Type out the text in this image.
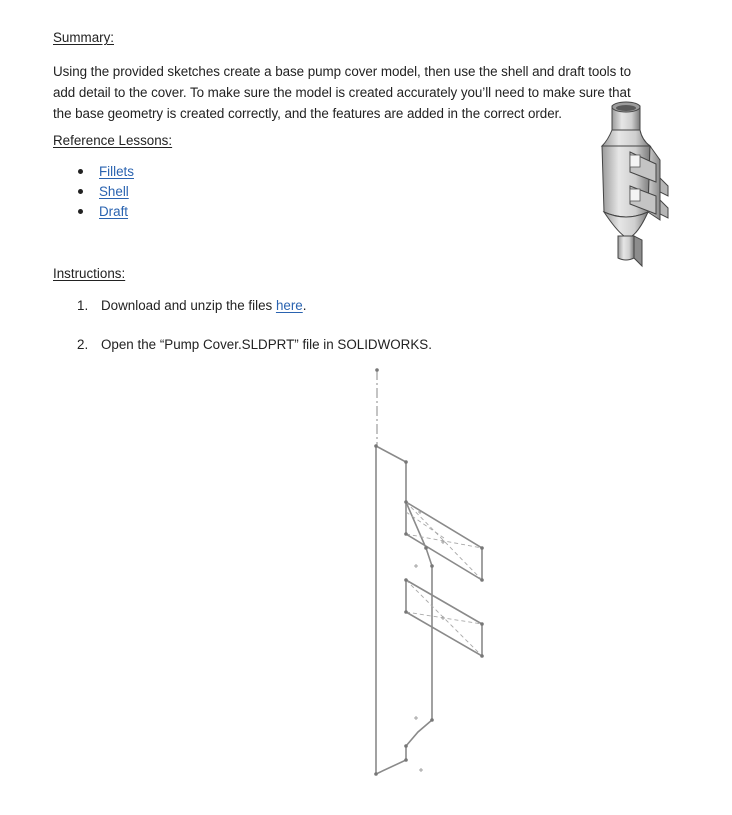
Summary:

Using the provided sketches create a base pump cover model, then use the shell and draft tools to
add detail to the cover. To make sure the model is created accurately you’ll need to make sure that
the base geometry is created correctly, and the features are added in the correct order.

Reference Lessons:
Fillets
Shell
Draft
Instructions:

1. Download and unzip the files here.

2. Open the “Pump Cover.SLDPRT” file in SOLIDWORKS.
